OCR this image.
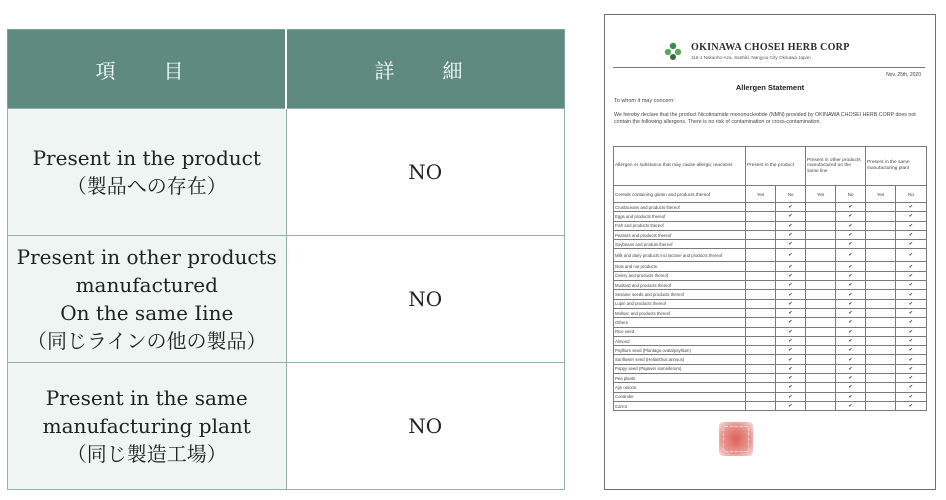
項　目	詳　細

Present in the product
（製品への存在）	NO

Present in other products
manufactured
On the same Iine
（同じラインの他の製品）	NO

Present in the same
manufacturing plant
（同じ製造工場）	NO
OKINAWA CHOSEI HERB CORP
116-1 Nakaoho-Aza, Sashiki, Nanjyou-City Okinawa Japan
Nov. 25th, 2020
Allergen Statement
To whom it may concern:
We hereby declare that the product Nicotinamide mononucleotide (NMN) provided by OKINAWA CHOSEI HERB CORP does not contain the following allergens. There is no risk of contamination or cross-contamination.
Allergen or substance that may cause allergic reactions	Present in the product		Present in other products manufactured on the same line		Present in the same manufacturing plant	
Cereals containing gluten and products thereof	Yes	No	Yes	No	Yes	No
Crustaceans and products thereof		✔		✔		✔
Eggs and products thereof		✔		✔		✔
Fish and products thereof		✔		✔		✔
Peanuts and products thereof		✔		✔		✔
Soybeans and produts thereof		✔		✔		✔
Milk and dairy products incl lactose and products thereof		✔		✔		✔
Nuts and nut products		✔		✔		✔
Celery and products thereof		✔		✔		✔
Mustard and products thereof		✔		✔		✔
Sesame seeds and products thereof		✔		✔		✔
Lupin and products thereof		✔		✔		✔
Mollusc and products thereof		✔		✔		✔
Others		✔		✔		✔
Rice seed		✔		✔		✔
Almond		✔		✔		✔
Psyllium seed (Plantago ovata/psyllium)		✔		✔		✔
Sunflower seed (Helianthus annuus)		✔		✔		✔
Poppy seed (Papaver somniferum)		✔		✔		✔
Pea plants		✔		✔		✔
Ajin onions		✔		✔		✔
Coriander		✔		✔		✔
Carrot		✔		✔		✔
